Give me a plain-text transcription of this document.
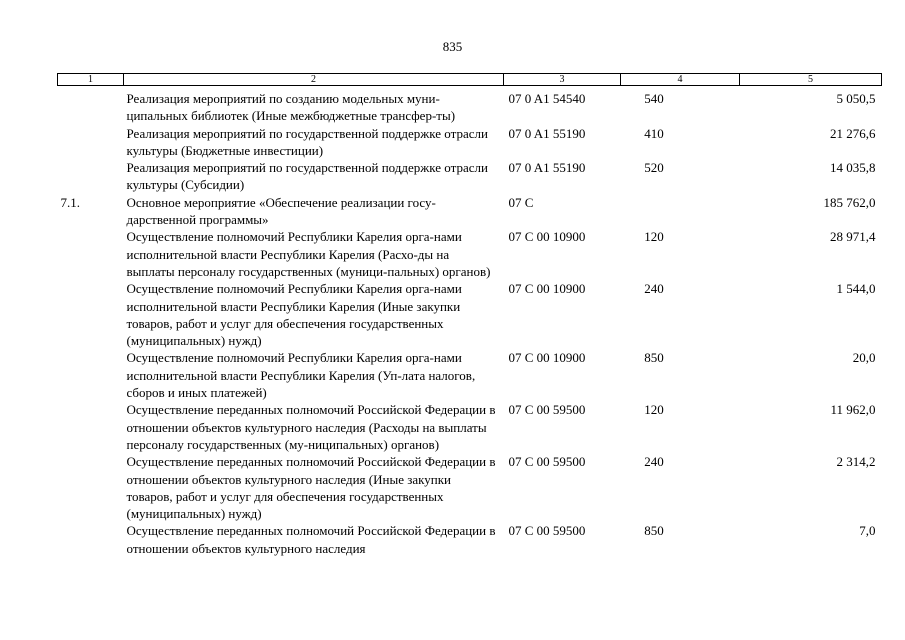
835
1	2	3	4	5
	Реализация мероприятий по созданию модельных муни-ципальных библиотек (Иные межбюджетные трансфер-ты)	07 0 A1 54540	540	5 050,5
	Реализация мероприятий по государственной поддержке отрасли культуры (Бюджетные инвестиции)	07 0 A1 55190	410	21 276,6
	Реализация мероприятий по государственной поддержке отрасли культуры (Субсидии)	07 0 A1 55190	520	14 035,8
7.1.	Основное мероприятие «Обеспечение реализации госу-дарственной программы»	07 С		185 762,0
	Осуществление полномочий Республики Карелия орга-нами исполнительной власти Республики Карелия (Расхо-ды на выплаты персоналу государственных (муници-пальных) органов)	07 С 00 10900	120	28 971,4
	Осуществление полномочий Республики Карелия орга-нами исполнительной власти Республики Карелия (Иные закупки товаров, работ и услуг для обеспечения государственных (муниципальных) нужд)	07 С 00 10900	240	1 544,0
	Осуществление полномочий Республики Карелия орга-нами исполнительной власти Республики Карелия (Уп-лата налогов, сборов и иных платежей)	07 С 00 10900	850	20,0
	Осуществление переданных полномочий Российской Федерации в отношении объектов культурного наследия (Расходы на выплаты персоналу государственных (му-ниципальных) органов)	07 С 00 59500	120	11 962,0
	Осуществление переданных полномочий Российской Федерации в отношении объектов культурного наследия (Иные закупки товаров, работ и услуг для обеспечения государственных (муниципальных) нужд)	07 С 00 59500	240	2 314,2
	Осуществление переданных полномочий Российской Федерации в отношении объектов культурного наследия	07 С 00 59500	850	7,0
